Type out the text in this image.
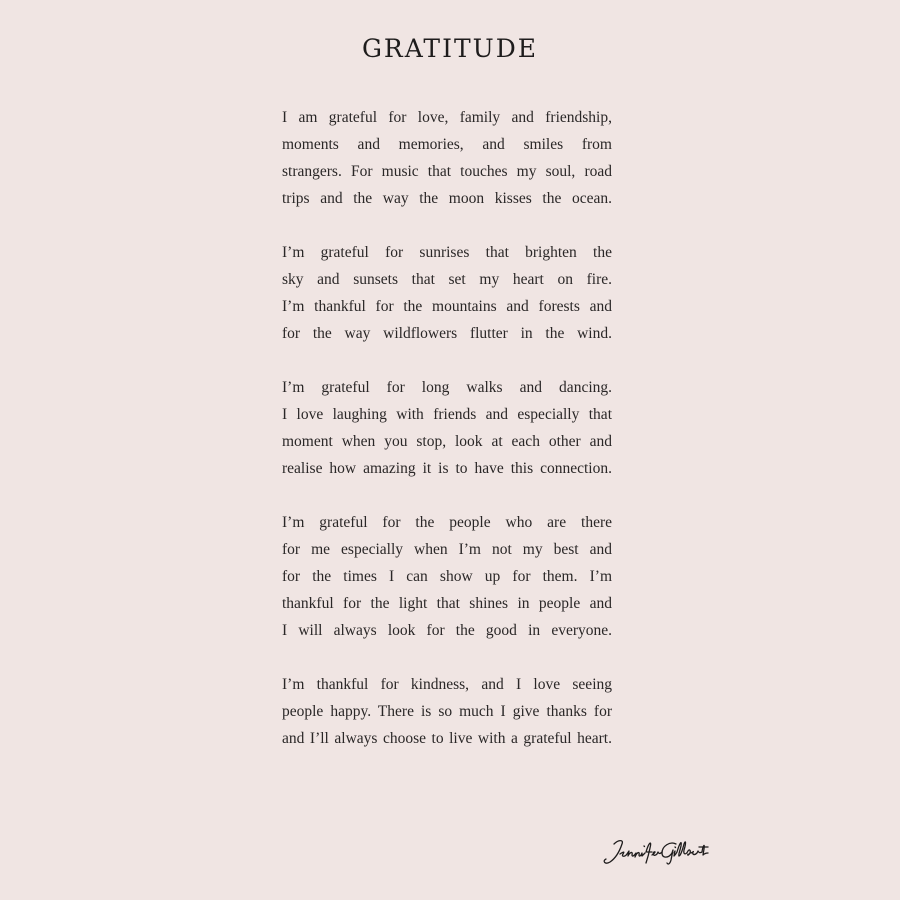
GRATITUDE
I am grateful for love, family and friendship,
moments and memories, and smiles from
strangers. For music that touches my soul, road
trips and the way the moon kisses the ocean.
I’m grateful for sunrises that brighten the
sky and sunsets that set my heart on fire.
I’m thankful for the mountains and forests and
for the way wildflowers flutter in the wind.
I’m grateful for long walks and dancing.
I love laughing with friends and especially that
moment when you stop, look at each other and
realise how amazing it is to have this connection.
I’m grateful for the people who are there
for me especially when I’m not my best and
for the times I can show up for them. I’m
thankful for the light that shines in people and
I will always look for the good in everyone.
I’m thankful for kindness, and I love seeing
people happy. There is so much I give thanks for
and I’ll always choose to live with a grateful heart.
